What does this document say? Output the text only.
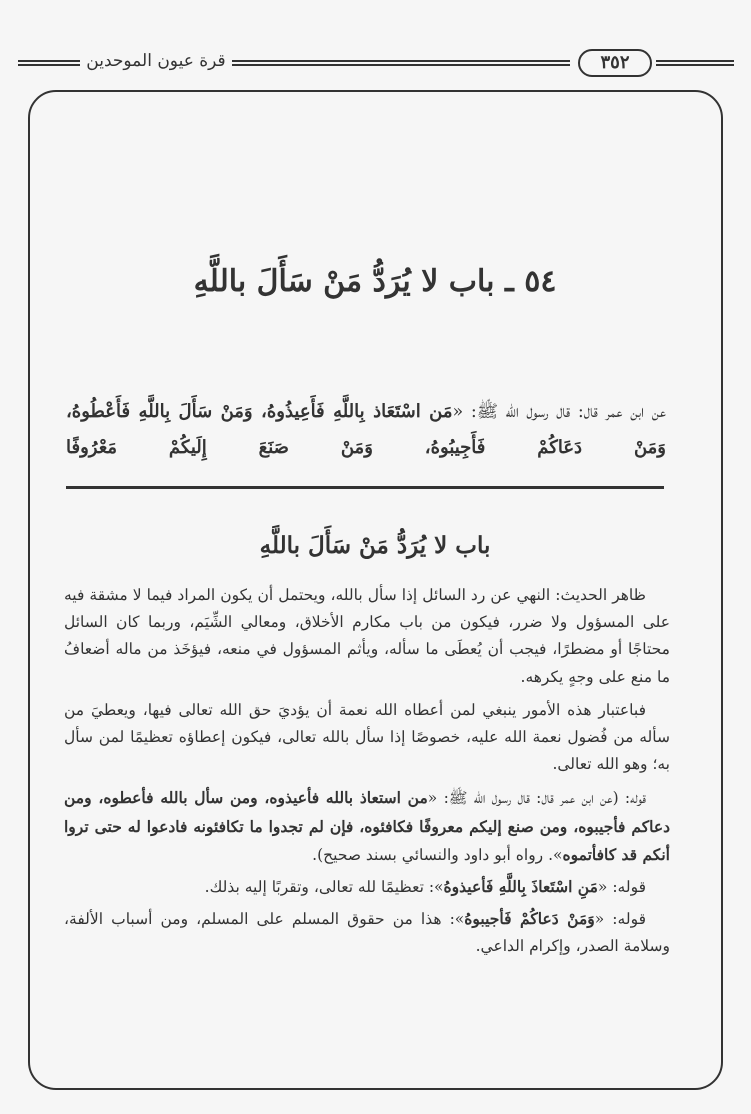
قرة عيون الموحدين	٣٥٢
٥٤ ـ باب لا يُرَدُّ مَنْ سَأَلَ باللَّهِ
عن ابن عمر قال: قال رسول الله ﷺ: «مَن اسْتَعَاذ بِاللَّهِ فَأَعِيذُوهُ، وَمَنْ سَأَلَ بِاللَّهِ فَأَعْطُوهُ، وَمَنْ دَعَاكُمْ فَأَجِيبُوهُ، وَمَنْ صَنَعَ إِلَيكُمْ مَعْرُوفًا
باب لا يُرَدُّ مَنْ سَأَلَ باللَّهِ

ظاهر الحديث: النهي عن رد السائل إذا سأل بالله، ويحتمل أن يكون المراد فيما لا مشقة فيه على المسؤول ولا ضرر، فيكون من باب مكارم الأخلاق، ومعالي الشِّيَم، وربما كان السائل محتاجًا أو مضطرًا، فيجب أن يُعطَى ما سأله، ويأثم المسؤول في منعه، فيؤخَذ من ماله أضعافُ ما منع على وجهٍ يكرهه.

فباعتبار هذه الأمور ينبغي لمن أعطاه الله نعمة أن يؤديَ حق الله تعالى فيها، ويعطيَ من سأله من فُضول نعمة الله عليه، خصوصًا إذا سأل بالله تعالى، فيكون إعطاؤه تعظيمًا لمن سأل به؛ وهو الله تعالى.

قوله: (عن ابن عمر قال: قال رسول الله ﷺ: «من استعاذ بالله فأعيذوه، ومن سأل بالله فأعطوه، ومن دعاكم فأجيبوه، ومن صنع إليكم معروفًا فكافئوه، فإن لم تجدوا ما تكافئونه فادعوا له حتى تروا أنكم قد كافأتموه». رواه أبو داود والنسائي بسند صحيح).

قوله: «مَنِ اسْتَعاذَ بِاللَّهِ فَأعيذوهُ»: تعظيمًا لله تعالى، وتقربًا إليه بذلك.

قوله: «وَمَنْ دَعاكُمْ فَأجيبوهُ»: هذا من حقوق المسلم على المسلم، ومن أسباب الألفة، وسلامة الصدر، وإكرام الداعي.
